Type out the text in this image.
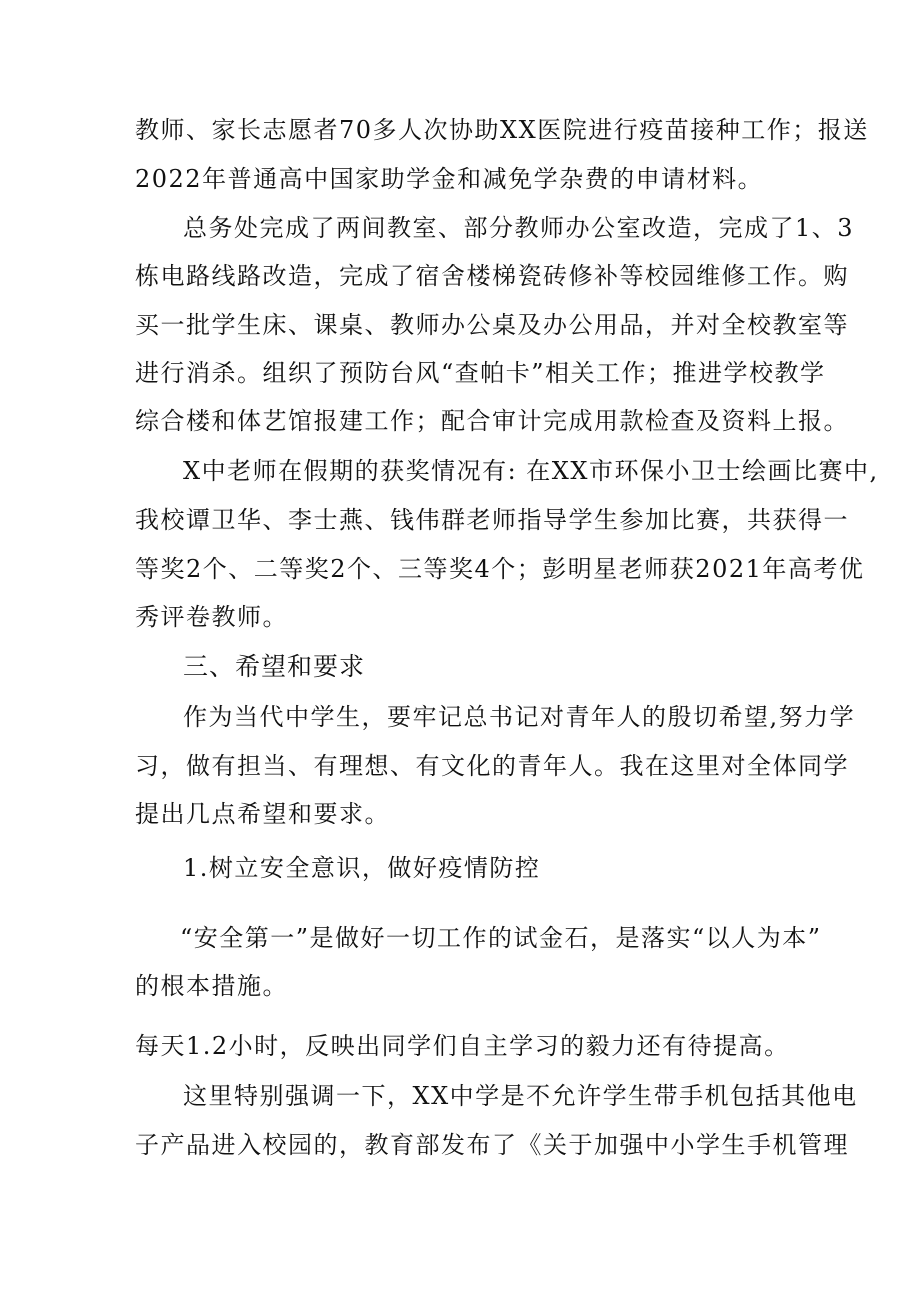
教师、家长志愿者70多人次协助XX医院进行疫苗接种工作；报送

2022年普通高中国家助学金和减免学杂费的申请材料。

总务处完成了两间教室、部分教师办公室改造，完成了1、3

栋电路线路改造，完成了宿舍楼梯瓷砖修补等校园维修工作。购

买一批学生床、课桌、教师办公桌及办公用品，并对全校教室等

进行消杀。组织了预防台风“查帕卡”相关工作；推进学校教学

综合楼和体艺馆报建工作；配合审计完成用款检查及资料上报。

X中老师在假期的获奖情况有: 在XX市环保小卫士绘画比赛中,

我校谭卫华、李士燕、钱伟群老师指导学生参加比赛，共获得一

等奖2个、二等奖2个、三等奖4个；彭明星老师获2021年高考优

秀评卷教师。

三、希望和要求

作为当代中学生，要牢记总书记对青年人的殷切希望,努力学

习，做有担当、有理想、有文化的青年人。我在这里对全体同学

提出几点希望和要求。

1.树立安全意识，做好疫情防控

“安全第一”是做好一切工作的试金石，是落实“以人为本”

的根本措施。

每天1.2小时，反映出同学们自主学习的毅力还有待提高。

这里特别强调一下，XX中学是不允许学生带手机包括其他电

子产品进入校园的，教育部发布了《关于加强中小学生手机管理
